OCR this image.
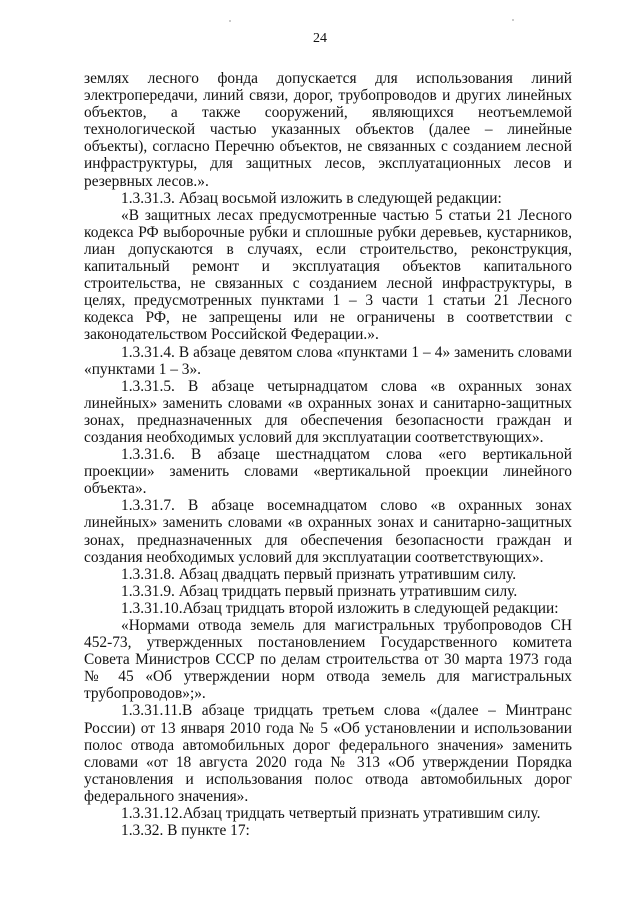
24

землях лесного фонда допускается для использования линий электропередачи, линий связи, дорог, трубопроводов и других линейных объектов, а также сооружений, являющихся неотъемлемой технологической частью указанных объектов (далее – линейные объекты), согласно Перечню объектов, не связанных с созданием лесной инфраструктуры, для защитных лесов, эксплуатационных лесов и резервных лесов.».

1.3.31.3. Абзац восьмой изложить в следующей редакции:

«В защитных лесах предусмотренные частью 5 статьи 21 Лесного кодекса РФ выборочные рубки и сплошные рубки деревьев, кустарников, лиан допускаются в случаях, если строительство, реконструкция, капитальный ремонт и эксплуатация объектов капитального строительства, не связанных с созданием лесной инфраструктуры, в целях, предусмотренных пунктами 1 – 3 части 1 статьи 21 Лесного кодекса РФ, не запрещены или не ограничены в соответствии с законодательством Российской Федерации.».

1.3.31.4. В абзаце девятом слова «пунктами 1 – 4» заменить словами «пунктами 1 – 3».

1.3.31.5. В абзаце четырнадцатом слова «в охранных зонах линейных» заменить словами «в охранных зонах и санитарно-защитных зонах, предназначенных для обеспечения безопасности граждан и создания необходимых условий для эксплуатации соответствующих».

1.3.31.6. В абзаце шестнадцатом слова «его вертикальной проекции» заменить словами «вертикальной проекции линейного объекта».

1.3.31.7. В абзаце восемнадцатом слово «в охранных зонах линейных» заменить словами «в охранных зонах и санитарно-защитных зонах, предназначенных для обеспечения безопасности граждан и создания необходимых условий для эксплуатации соответствующих».

1.3.31.8. Абзац двадцать первый признать утратившим силу.

1.3.31.9. Абзац тридцать первый признать утратившим силу.

1.3.31.10.Абзац тридцать второй изложить в следующей редакции:

«Нормами отвода земель для магистральных трубопроводов СН 452-73, утвержденных постановлением Государственного комитета Совета Министров СССР по делам строительства от 30 марта 1973 года № 45 «Об утверждении норм отвода земель для магистральных трубопроводов»;».

1.3.31.11.В абзаце тридцать третьем слова «(далее – Минтранс России) от 13 января 2010 года № 5 «Об установлении и использовании полос отвода автомобильных дорог федерального значения» заменить словами «от 18 августа 2020 года № 313 «Об утверждении Порядка установления и использования полос отвода автомобильных дорог федерального значения».

1.3.31.12.Абзац тридцать четвертый признать утратившим силу.

1.3.32. В пункте 17:
